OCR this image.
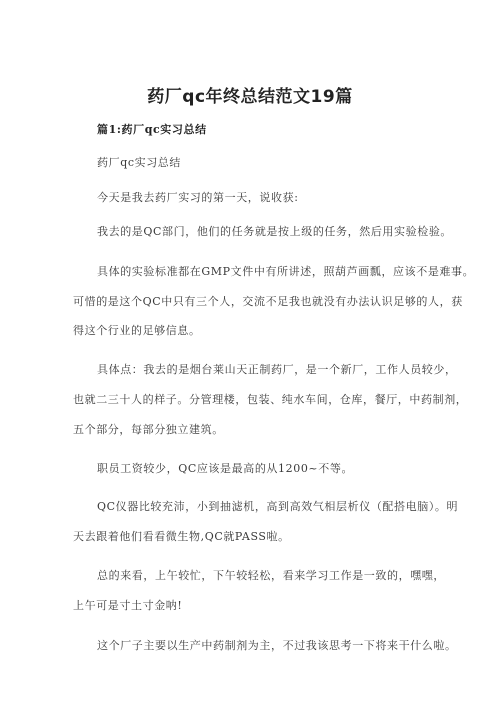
药厂qc年终总结范文19篇
篇1:药厂qc实习总结
药厂qc实习总结
今天是我去药厂实习的第一天，说收获:
我去的是QC部门，他们的任务就是按上级的任务，然后用实验检验。
具体的实验标准都在GMP文件中有所讲述，照葫芦画瓢，应该不是难事。
可惜的是这个QC中只有三个人，交流不足我也就没有办法认识足够的人，获
得这个行业的足够信息。
具体点：我去的是烟台莱山天正制药厂，是一个新厂，工作人员较少，
也就二三十人的样子。分管理楼，包装、纯水车间，仓库，餐厅，中药制剂，
五个部分，每部分独立建筑。
职员工资较少，QC应该是最高的从1200~不等。
QC仪器比较充沛，小到抽滤机，高到高效气相层析仪（配搭电脑）。明
天去跟着他们看看微生物,QC就PASS啦。
总的来看，上午较忙，下午较轻松，看来学习工作是一致的，嘿嘿，
上午可是寸土寸金呐!
这个厂子主要以生产中药制剂为主，不过我该思考一下将来干什么啦。
